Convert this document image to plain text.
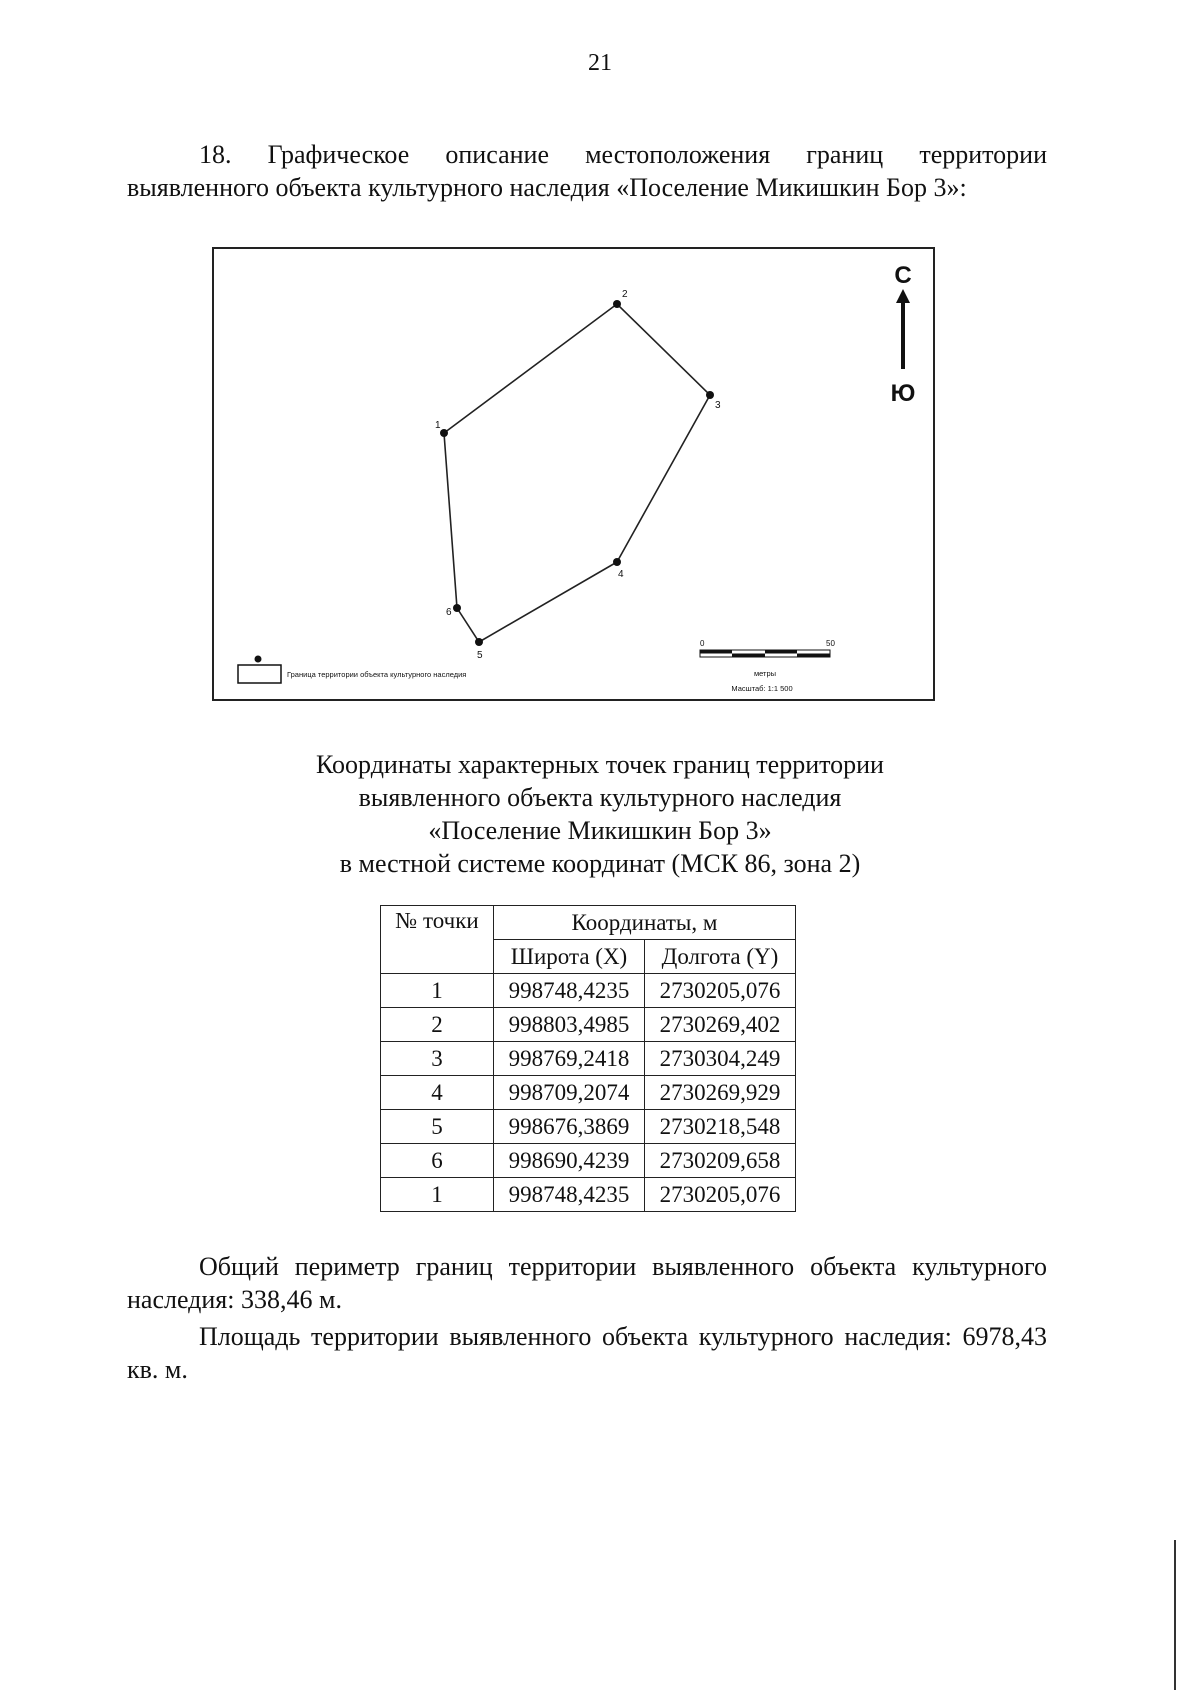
21

18. Графическое описание местоположения границ территории выявленного объекта культурного наследия «Поселение Микишкин Бор 3»:

1
2
3
4
5
6
С
Ю
Граница территории объекта культурного наследия
0	50
метры
Масштаб: 1:1 500
Координаты характерных точек границ территории
выявленного объекта культурного наследия
«Поселение Микишкин Бор 3»
в местной системе координат (МСК 86, зона 2)
№ точки	Координаты, м	
	Широта (X)	Долгота (Y)
1	998748,4235	2730205,076
2	998803,4985	2730269,402
3	998769,2418	2730304,249
4	998709,2074	2730269,929
5	998676,3869	2730218,548
6	998690,4239	2730209,658
1	998748,4235	2730205,076

Общий периметр границ территории выявленного объекта культурного наследия: 338,46 м.

Площадь территории выявленного объекта культурного наследия: 6978,43 кв. м.
